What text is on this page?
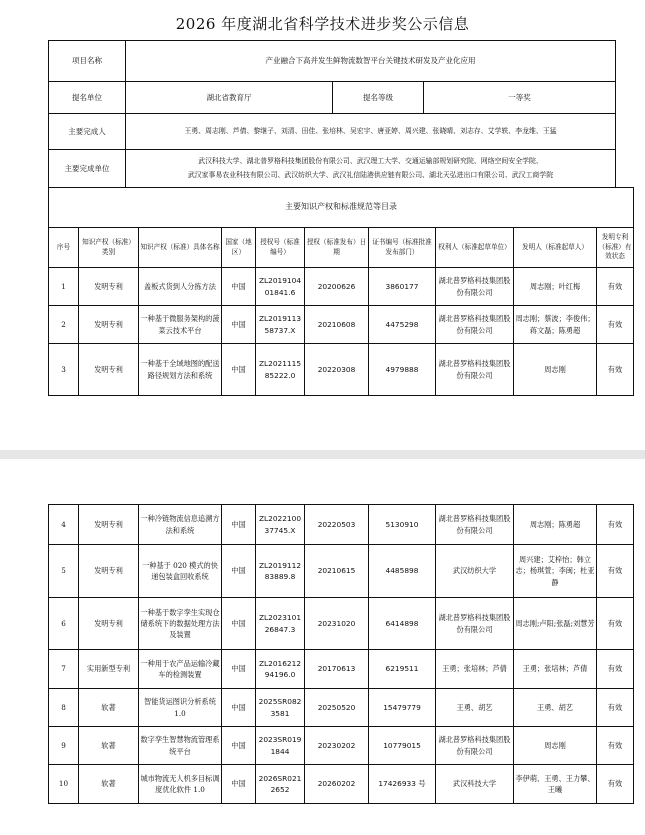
2026 年度湖北省科学技术进步奖公示信息
项目名称	产业融合下高并发生鲜物流数智平台关键技术研发及产业化应用		
提名单位	湖北省教育厅	提名等级	一等奖
主要完成人	王勇、周志刚、芦倩、黎继子、刘清、田佳、张培林、吴宏宇、唐亚婷、周兴建、张晓晴、刘志存、艾学轶、李龙维、王猛		
主要完成单位	武汉科技大学、湖北普罗格科技集团股份有限公司、武汉理工大学、交通运输部规划研究院、网络空间安全学院、
武汉家事易农业科技有限公司、武汉纺织大学、武汉礼信陆港供应链有限公司、湖北天弘进出口有限公司、武汉工商学院		
主要知识产权和标准规范等目录									
序号	知识产权（标准）类别	知识产权（标准）具体名称	国家（地区）	授权号（标准编号）	授权（标准发布）日期	证书编号（标准批准发布部门）	权利人（标准起草单位）	发明人（标准起草人）	发明专利（标准）有效状态
1	发明专利	盖板式货到人分拣方法	中国	ZL201910401841.6	20200626	3860177	湖北普罗格科技集团股份有限公司	周志刚；叶红梅	有效
2	发明专利	一种基于微服务架构的菠菜云技术平台	中国	ZL201911358737.X	20210608	4475298	湖北普罗格科技集团股份有限公司	周志刚；蔡波；李俊伟；蒋文磊；陈勇超	有效
3	发明专利	一种基于全域地图的配送路径规划方法和系统	中国	ZL202111585222.0	20220308	4979888	湖北普罗格科技集团股份有限公司	周志刚	有效
4	发明专利	一种冷链物流信息追溯方法和系统	中国	ZL202210037745.X	20220503	5130910	湖北普罗格科技集团股份有限公司	周志刚；陈勇超	有效
5	发明专利	一种基于 020 模式的快递包装盒回收系统	中国	ZL201911283889.8	20210615	4485898	武汉纺织大学	周兴建；艾梓怡；韩立志；杨琪萱；李闽；杜亚静	有效
6	发明专利	一种基于数字孪生实现仓储系统下的数据处理方法及装置	中国	ZL202310126847.3	20231020	6414898	湖北普罗格科技集团股份有限公司	周志刚;卢阳;张磊;刘慧芳	有效
7	实用新型专利	一种用于农产品运输冷藏车的检测装置	中国	ZL201621294196.0	20170613	6219511	王勇；张培林；芦倩	王勇；张培林；芦倩	有效
8	软著	智能货运图识分析系统 1.0	中国	2025SR0823581	20250520	15479779	王勇、胡艺	王勇、胡艺	有效
9	软著	数字孪生智慧物流管理系统平台	中国	2023SR0191844	20230202	10779015	湖北普罗格科技集团股份有限公司	周志刚	有效
10	软著	城市物流无人机多目标调度优化软件 1.0	中国	2026SR0212652	20260202	17426933 号	武汉科技大学	李伊萌、王勇、王力攀、王曦	有效
